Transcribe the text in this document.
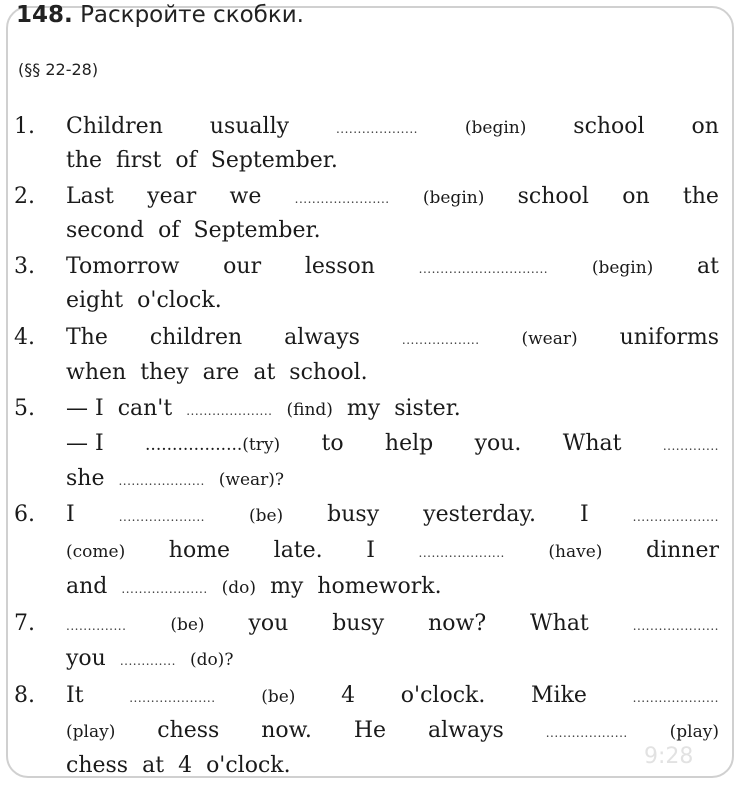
148. Раскройте скобки.
(§§ 22-28)
1.
2.
3.
4.
5.
6.
7.
8.
Children usually	...................	(begin) school on
the first of September.
Last year we	...................... (begin) school on the
second of September.
Tomorrow our lesson	..............................	(begin) at
eight o'clock.
The children always	.................. (wear) uniforms
when they are at school.
— I can't .................... (find) my sister.
— I ..................(try) to help you. What	.............
she .................... (wear)?
I	....................	(be) busy yesterday. I	....................
(come) home late. I	....................	(have) dinner
and .................... (do) my homework.
..............	(be) you busy now? What	....................
you ............. (do)?
It	....................	(be) 4 o'clock. Mike	....................
(play) chess now. He always	................... (play)
chess at 4 o'clock.	9:28
